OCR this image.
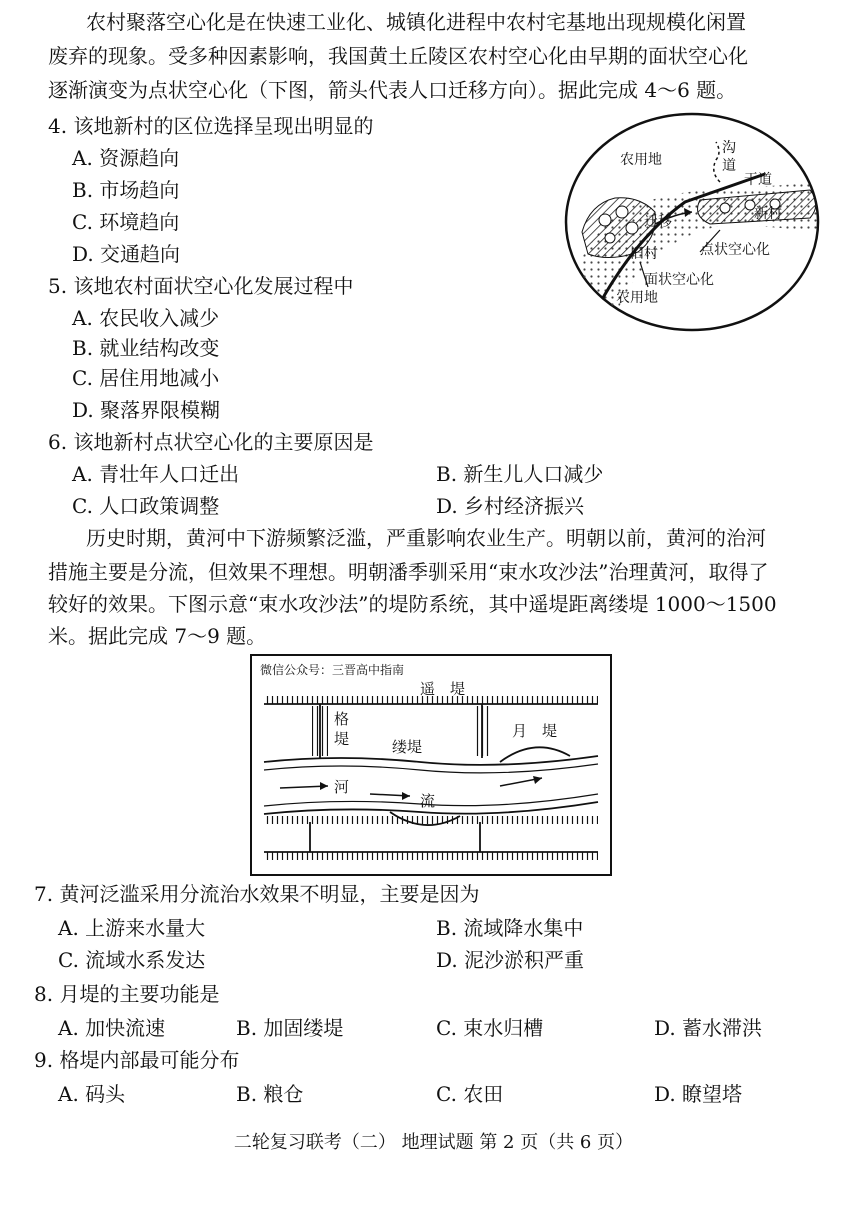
农村聚落空心化是在快速工业化、城镇化进程中农村宅基地出现规模化闲置
废弃的现象。受多种因素影响，我国黄土丘陵区农村空心化由早期的面状空心化
逐渐演变为点状空心化（下图，箭头代表人口迁移方向）。据此完成 4～6 题。
4. 该地新村的区位选择呈现出明显的
A. 资源趋向
B. 市场趋向
C. 环境趋向
D. 交通趋向
5. 该地农村面状空心化发展过程中
A. 农民收入减少
B. 就业结构改变
C. 居住用地减小
D. 聚落界限模糊
6. 该地新村点状空心化的主要原因是
A. 青壮年人口迁出	B. 新生儿人口减少
C. 人口政策调整	D. 乡村经济振兴
农用地
沟
道
干道
迁移	新村
旧村	点状空心化
面状空心化
农用地
历史时期，黄河中下游频繁泛滥，严重影响农业生产。明朝以前，黄河的治河
措施主要是分流，但效果不理想。明朝潘季驯采用“束水攻沙法”治理黄河，取得了
较好的效果。下图示意“束水攻沙法”的堤防系统，其中遥堤距离缕堤 1000～1500
米。据此完成 7～9 题。
微信公众号：三晋高中指南
遥　堤
格
堤	缕堤
月　堤
河
流
7. 黄河泛滥采用分流治水效果不明显，主要是因为
A. 上游来水量大	B. 流域降水集中
C. 流域水系发达	D. 泥沙淤积严重
8. 月堤的主要功能是
A. 加快流速	B. 加固缕堤	C. 束水归槽	D. 蓄水滞洪
9. 格堤内部最可能分布
A. 码头	B. 粮仓	C. 农田	D. 瞭望塔
二轮复习联考（二） 地理试题 第 2 页（共 6 页）
